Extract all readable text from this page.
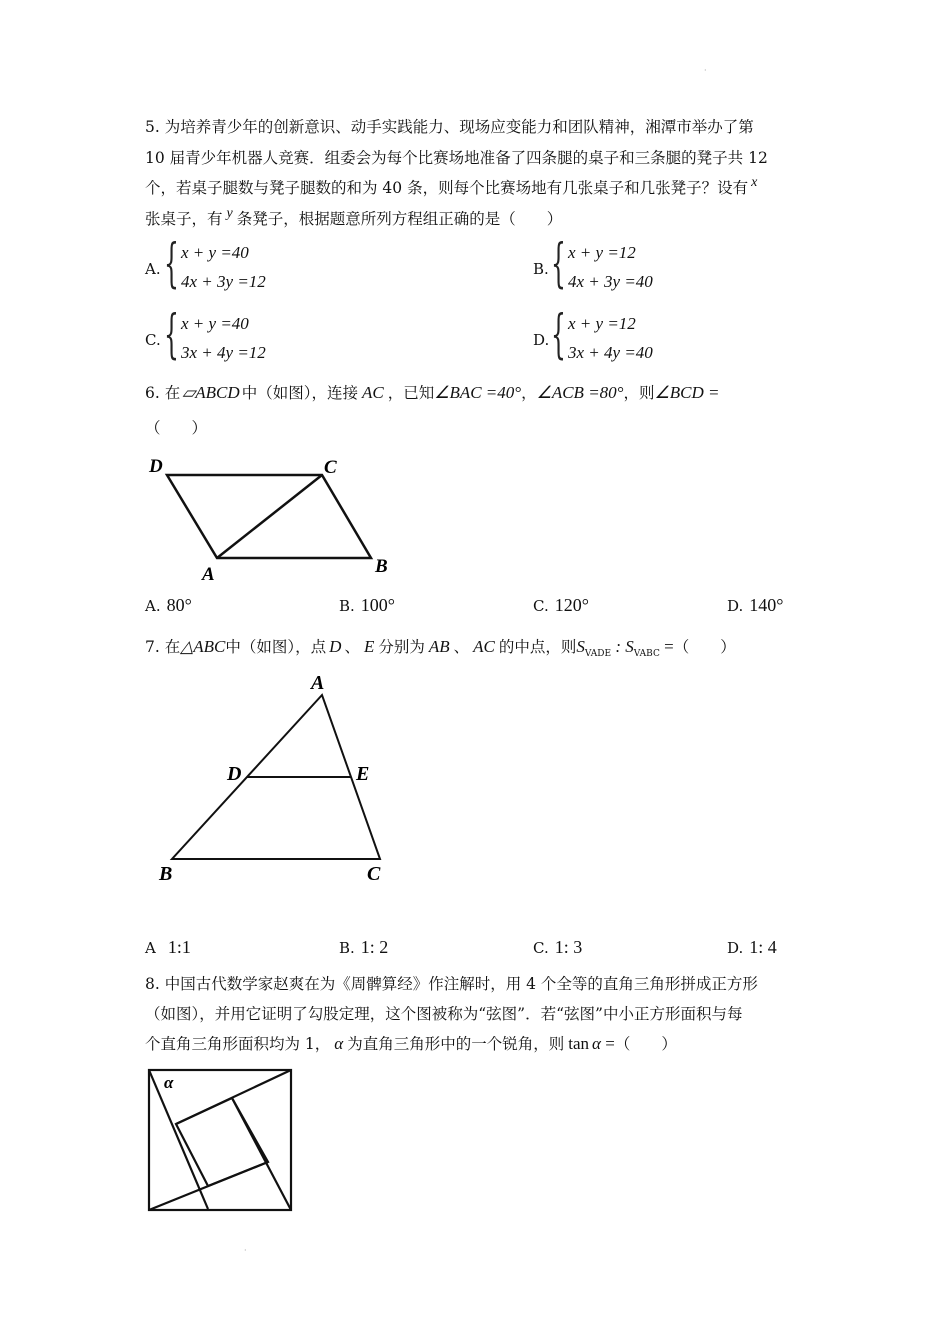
·
·
5. 为培养青少年的创新意识、动手实践能力、现场应变能力和团队精神，湘潭市举办了第
10 届青少年机器人竞赛．组委会为每个比赛场地准备了四条腿的桌子和三条腿的凳子共 12
个，若桌子腿数与凳子腿数的和为 40 条，则每个比赛场地有几张桌子和几张凳子？设有 x
张桌子，有 y 条凳子，根据题意所列方程组正确的是（　　）
A. { x + y =40
4x + 3y =12
B. { x + y =12
4x + 3y =40
C. { x + y =40
3x + 4y =12
D. { x + y =12
3x + 4y =40
6. 在 ▱ABCD 中（如图），连接 AC ，已知∠BAC =40°，∠ACB =80°，则∠BCD =
（　　）
D	C
A	B
A. 80°	B. 100°	C. 120°	D. 140°
7. 在△ABC中（如图），点 D 、 E 分别为 AB 、 AC 的中点，则$S_{VADE}$ : $S_{VABC}$ =（　　）
A
D	E
B	C
A 1:1	B. 1: 2	C. 1: 3	D. 1: 4
8. 中国古代数学家赵爽在为《周髀算经》作注解时，用 4 个全等的直角三角形拼成正方形
（如图），并用它证明了勾股定理，这个图被称为“弦图”．若“弦图”中小正方形面积与每
个直角三角形面积均为 1， α 为直角三角形中的一个锐角，则 tan α =（　　）
α
